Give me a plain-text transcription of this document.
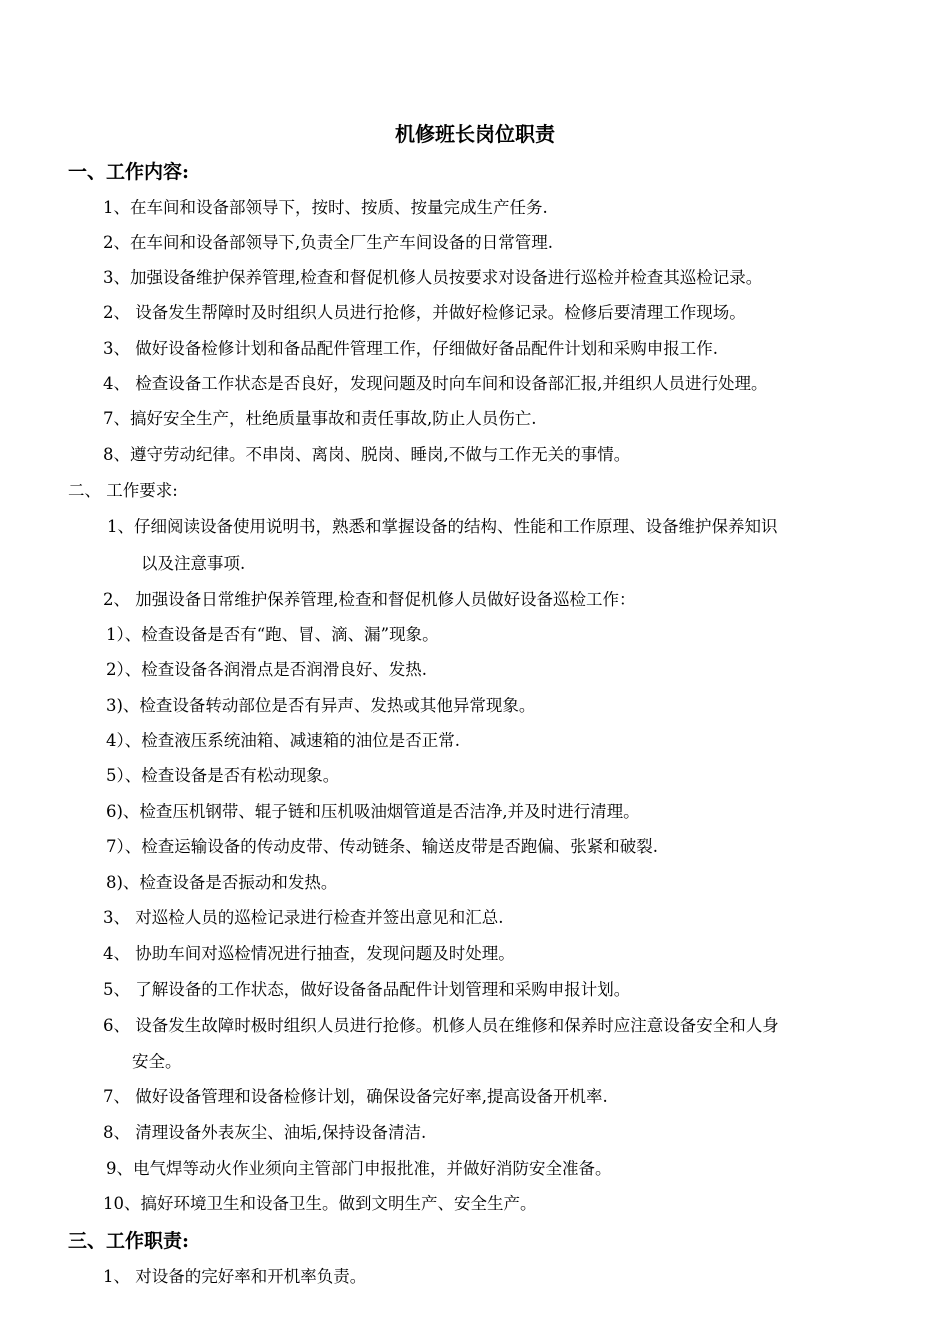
机修班长岗位职责
一、工作内容:
1、在车间和设备部领导下，按时、按质、按量完成生产任务.
2、在车间和设备部领导下,负责全厂生产车间设备的日常管理.
3、加强设备维护保养管理,检查和督促机修人员按要求对设备进行巡检并检查其巡检记录。
2、 设备发生帮障时及时组织人员进行抢修，并做好检修记录。检修后要清理工作现场。
3、 做好设备检修计划和备品配件管理工作，仔细做好备品配件计划和采购申报工作.
4、 检查设备工作状态是否良好，发现问题及时向车间和设备部汇报,并组织人员进行处理。
7、搞好安全生产，杜绝质量事故和责任事故,防止人员伤亡.
8、遵守劳动纪律。不串岗、离岗、脱岗、睡岗,不做与工作无关的事情。
二、 工作要求:
1、仔细阅读设备使用说明书，熟悉和掌握设备的结构、性能和工作原理、设备维护保养知识
以及注意事项.
2、 加强设备日常维护保养管理,检查和督促机修人员做好设备巡检工作：
1）、检查设备是否有“跑、冒、滴、漏”现象。
2）、检查设备各润滑点是否润滑良好、发热.
3)、检查设备转动部位是否有异声、发热或其他异常现象。
4）、检查液压系统油箱、减速箱的油位是否正常.
5）、检查设备是否有松动现象。
6)、检查压机钢带、辊子链和压机吸油烟管道是否洁净,并及时进行清理。
7）、检查运输设备的传动皮带、传动链条、输送皮带是否跑偏、张紧和破裂.
8)、检查设备是否振动和发热。
3、 对巡检人员的巡检记录进行检查并签出意见和汇总.
4、 协助车间对巡检情况进行抽查，发现问题及时处理。
5、 了解设备的工作状态，做好设备备品配件计划管理和采购申报计划。
6、 设备发生故障时极时组织人员进行抢修。机修人员在维修和保养时应注意设备安全和人身
安全。
7、 做好设备管理和设备检修计划，确保设备完好率,提高设备开机率.
8、 清理设备外表灰尘、油垢,保持设备清洁.
9、电气焊等动火作业须向主管部门申报批准，并做好消防安全准备。
10、搞好环境卫生和设备卫生。做到文明生产、安全生产。
三、工作职责:
1、 对设备的完好率和开机率负责。
